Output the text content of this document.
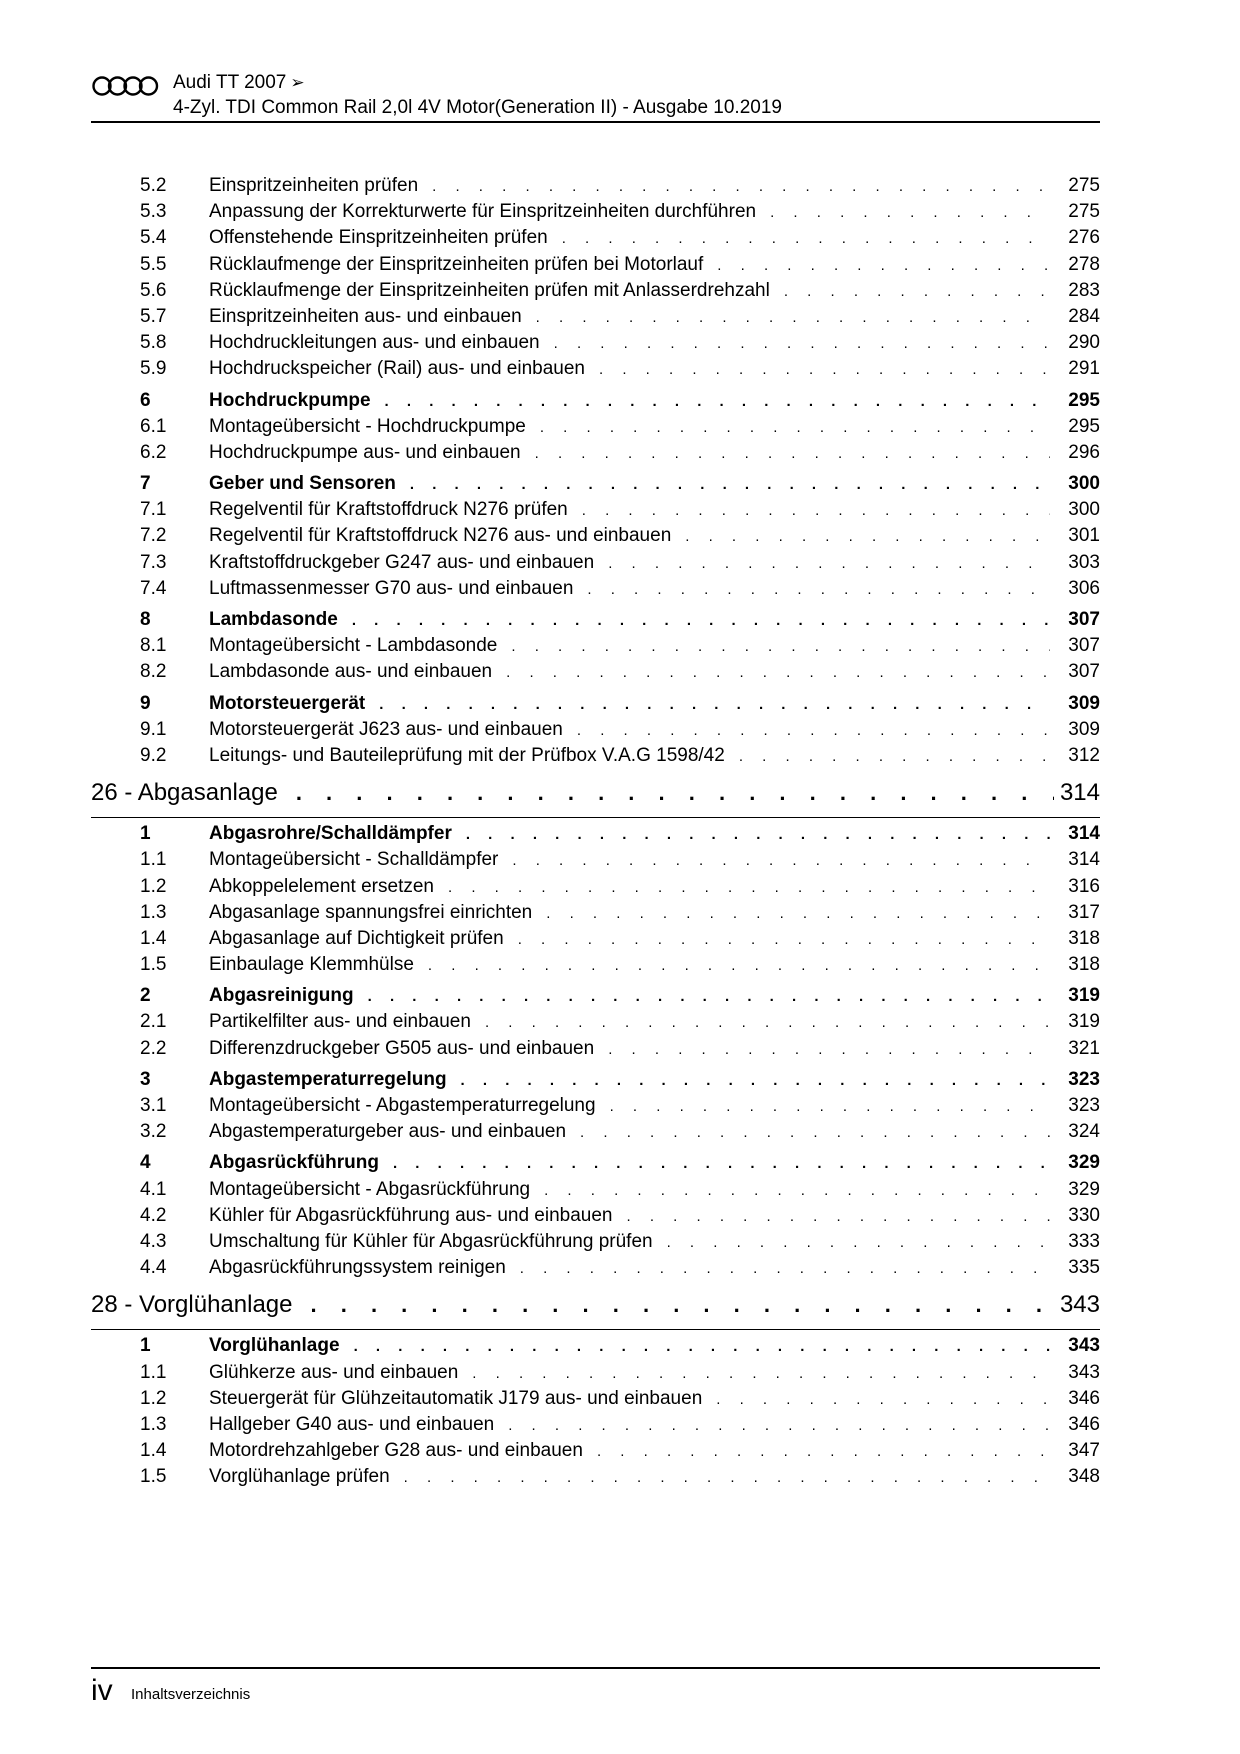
Audi TT 2007 ➢
4-Zyl. TDI Common Rail 2,0l 4V Motor(Generation II) - Ausgabe 10.2019
5.2 Einspritzeinheiten prüfen . . .	275
5.3 Anpassung der Korrekturwerte für Einspritzeinheiten durchführen . . .	275
5.4 Offenstehende Einspritzeinheiten prüfen . . .	276
5.5 Rücklaufmenge der Einspritzeinheiten prüfen bei Motorlauf . . .	278
5.6 Rücklaufmenge der Einspritzeinheiten prüfen mit Anlasserdrehzahl . . .	283
5.7 Einspritzeinheiten aus- und einbauen . . .	284
5.8 Hochdruckleitungen aus- und einbauen . . .	290
5.9 Hochdruckspeicher (Rail) aus- und einbauen . . .	291
6	Hochdruckpumpe . . .	295
6.1 Montageübersicht - Hochdruckpumpe . . .	295
6.2 Hochdruckpumpe aus- und einbauen . . .	296
7	Geber und Sensoren . . .	300
7.1 Regelventil für Kraftstoffdruck N276 prüfen . . .	300
7.2 Regelventil für Kraftstoffdruck N276 aus- und einbauen . . .	301
7.3 Kraftstoffdruckgeber G247 aus- und einbauen . . .	303
7.4 Luftmassenmesser G70 aus- und einbauen . . .	306
8	Lambdasonde . . .	307
8.1 Montageübersicht - Lambdasonde . . .	307
8.2 Lambdasonde aus- und einbauen . . .	307
9	Motorsteuergerät . . .	309
9.1 Motorsteuergerät J623 aus- und einbauen . . .	309
9.2 Leitungs- und Bauteileprüfung mit der Prüfbox V.A.G 1598/42 . . .	312
26 - Abgasanlage . . .	314
1	Abgasrohre/Schalldämpfer . . .	314
1.1 Montageübersicht - Schalldämpfer . . .	314
1.2 Abkoppelelement ersetzen . . .	316
1.3 Abgasanlage spannungsfrei einrichten . . .	317
1.4 Abgasanlage auf Dichtigkeit prüfen . . .	318
1.5 Einbaulage Klemmhülse . . .	318
2	Abgasreinigung . . .	319
2.1 Partikelfilter aus- und einbauen . . .	319
2.2 Differenzdruckgeber G505 aus- und einbauen . . .	321
3	Abgastemperaturregelung . . .	323
3.1 Montageübersicht - Abgastemperaturregelung . . .	323
3.2 Abgastemperaturgeber aus- und einbauen . . .	324
4	Abgasrückführung . . .	329
4.1 Montageübersicht - Abgasrückführung . . .	329
4.2 Kühler für Abgasrückführung aus- und einbauen . . .	330
4.3 Umschaltung für Kühler für Abgasrückführung prüfen . . .	333
4.4 Abgasrückführungssystem reinigen . . .	335
28 - Vorglühanlage . . .	343
1	Vorglühanlage . . .	343
1.1 Glühkerze aus- und einbauen . . .	343
1.2 Steuergerät für Glühzeitautomatik J179 aus- und einbauen . . .	346
1.3 Hallgeber G40 aus- und einbauen . . .	346
1.4 Motordrehzahlgeber G28 aus- und einbauen . . .	347
1.5 Vorglühanlage prüfen . . .	348
iv Inhaltsverzeichnis
